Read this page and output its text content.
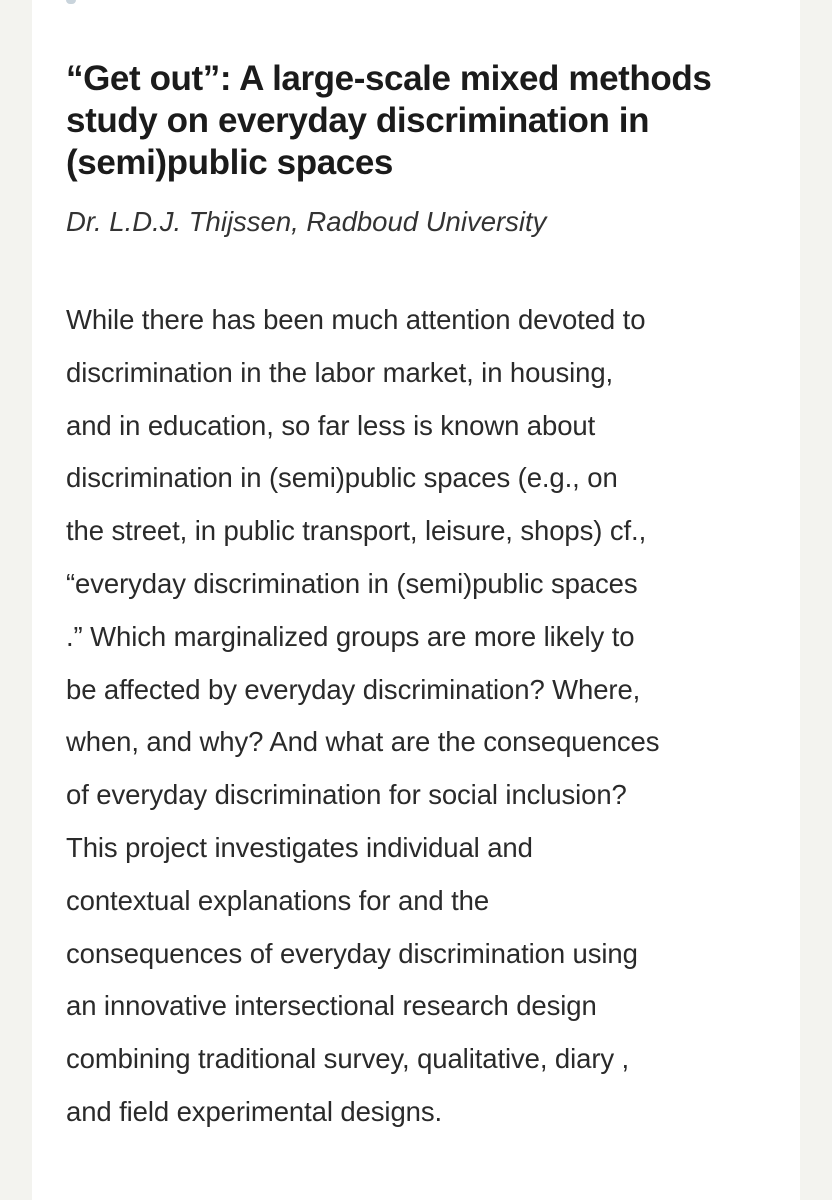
“Get out”: A large-scale mixed methods
study on everyday discrimination in
(semi)public spaces

Dr. L.D.J. Thijssen, Radboud University

While there has been much attention devoted to
discrimination in the labor market, in housing,
and in education, so far less is known about
discrimination in (semi)public spaces (e.g., on
the street, in public transport, leisure, shops) cf.,
“everyday discrimination in (semi)public spaces
.” Which marginalized groups are more likely to
be affected by everyday discrimination? Where,
when, and why? And what are the consequences
of everyday discrimination for social inclusion?
This project investigates individual and
contextual explanations for and the
consequences of everyday discrimination using
an innovative intersectional research design
combining traditional survey, qualitative, diary ,
and field experimental designs.
